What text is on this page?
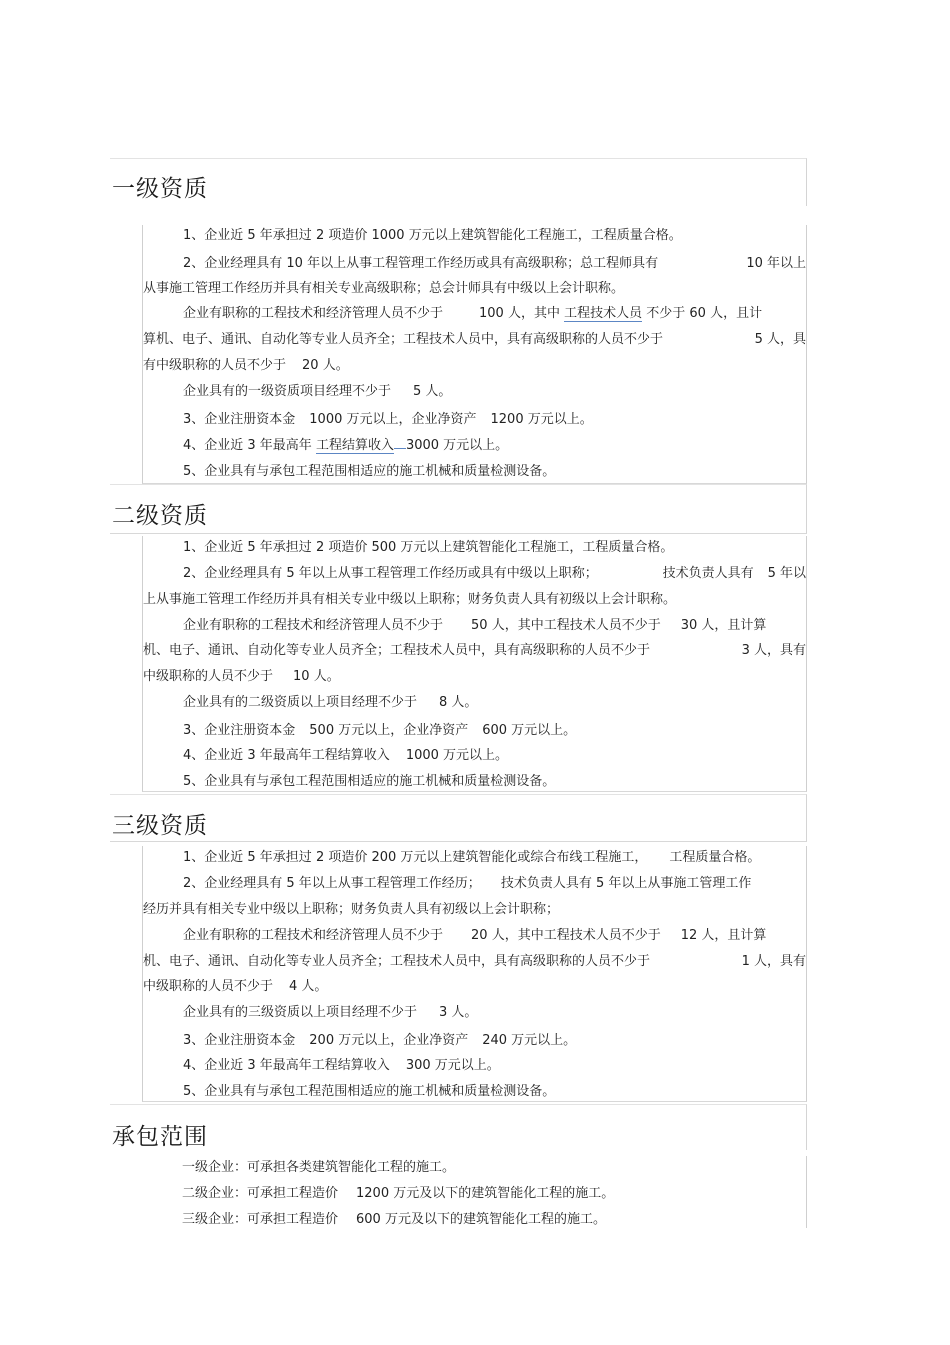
一级资质
1、企业近 5 年承担过 2 项造价 1000 万元以上建筑智能化工程施工，工程质量合格。
2、企业经理具有 10 年以上从事工程管理工作经历或具有高级职称；总工程师具有	10 年以上
从事施工管理工作经历并具有相关专业高级职称；总会计师具有中级以上会计职称。
企业有职称的工程技术和经济管理人员不少于	100 人，其中 工程技术人员 不少于 60 人，且计
算机、电子、通讯、自动化等专业人员齐全；工程技术人员中，具有高级职称的人员不少于	5 人，具
有中级职称的人员不少于 20 人。
企业具有的一级资质项目经理不少于 5 人。
3、企业注册资本金 1000 万元以上，企业净资产 1200 万元以上。
4、企业近 3 年最高年 工程结算收入 3000 万元以上。
5、企业具有与承包工程范围相适应的施工机械和质量检测设备。
二级资质
1、企业近 5 年承担过 2 项造价 500 万元以上建筑智能化工程施工，工程质量合格。
2、企业经理具有 5 年以上从事工程管理工作经历或具有中级以上职称；	技术负责人具有 5 年以
上从事施工管理工作经历并具有相关专业中级以上职称；财务负责人具有初级以上会计职称。
企业有职称的工程技术和经济管理人员不少于 50 人，其中工程技术人员不少于 30 人，且计算
机、电子、通讯、自动化等专业人员齐全；工程技术人员中，具有高级职称的人员不少于	3 人，具有
中级职称的人员不少于 10 人。
企业具有的二级资质以上项目经理不少于 8 人。
3、企业注册资本金 500 万元以上，企业净资产 600 万元以上。
4、企业近 3 年最高年工程结算收入 1000 万元以上。
5、企业具有与承包工程范围相适应的施工机械和质量检测设备。
三级资质
1、企业近 5 年承担过 2 项造价 200 万元以上建筑智能化或综合布线工程施工， 工程质量合格。
2、企业经理具有 5 年以上从事工程管理工作经历； 技术负责人具有 5 年以上从事施工管理工作
经历并具有相关专业中级以上职称；财务负责人具有初级以上会计职称；
企业有职称的工程技术和经济管理人员不少于 20 人，其中工程技术人员不少于 12 人，且计算
机、电子、通讯、自动化等专业人员齐全；工程技术人员中，具有高级职称的人员不少于	1 人，具有
中级职称的人员不少于 4 人。
企业具有的三级资质以上项目经理不少于 3 人。
3、企业注册资本金 200 万元以上，企业净资产 240 万元以上。
4、企业近 3 年最高年工程结算收入 300 万元以上。
5、企业具有与承包工程范围相适应的施工机械和质量检测设备。
承包范围
一级企业：可承担各类建筑智能化工程的施工。
二级企业：可承担工程造价 1200 万元及以下的建筑智能化工程的施工。
三级企业：可承担工程造价 600 万元及以下的建筑智能化工程的施工。
